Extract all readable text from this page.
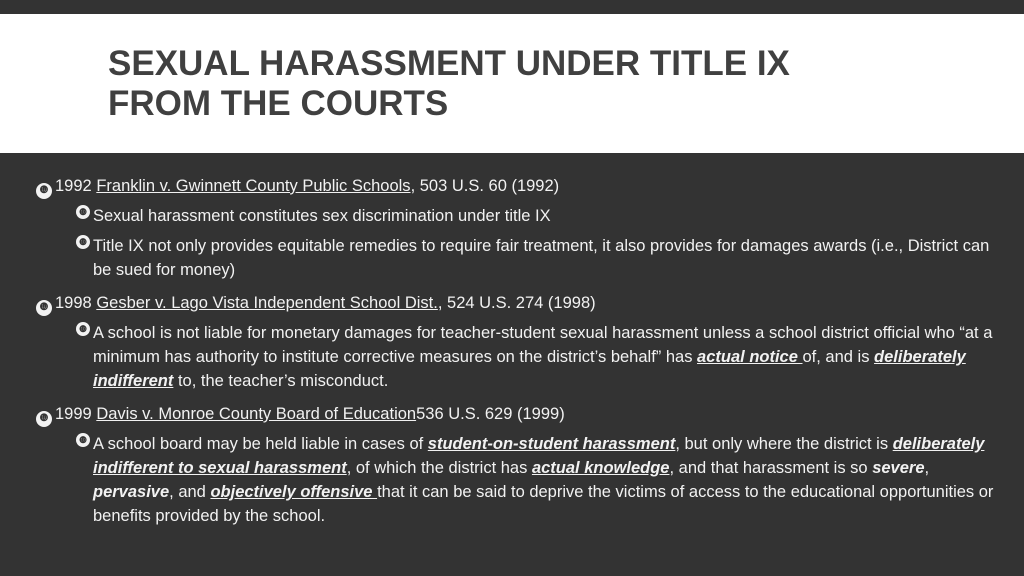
SEXUAL HARASSMENT UNDER TITLE IX
FROM THE COURTS
❿ 1992
Franklin v. Gwinnett County Public Schools , 503 U.S. 60 (1992)
❿ Sexual harassment constitutes sex discrimination under title IX
❿ Title IX not only provides equitable remedies to require fair treatment, it also provides for damages awards (i.e., District can be sued for money)
❿ 1998
Gesber v. Lago Vista Independent School Dist. , 524 U.S. 274 (1998)
❿ A school is not liable for monetary damages for teacher-student sexual harassment unless a school district official who “at a minimum has authority to institute corrective measures on the district’s behalf” has actual notice of, and is deliberately indifferent to, the teacher’s misconduct.
❿ 1999
Davis v. Monroe County Board of Education 536 U.S. 629 (1999)
❿ A school board may be held liable in cases of student-on-student harassment, but only where the district is deliberately indifferent to sexual harassment, of which the district has actual knowledge, and that harassment is so severe, pervasive, and objectively offensive that it can be said to deprive the victims of access to the educational opportunities or benefits provided by the school.
